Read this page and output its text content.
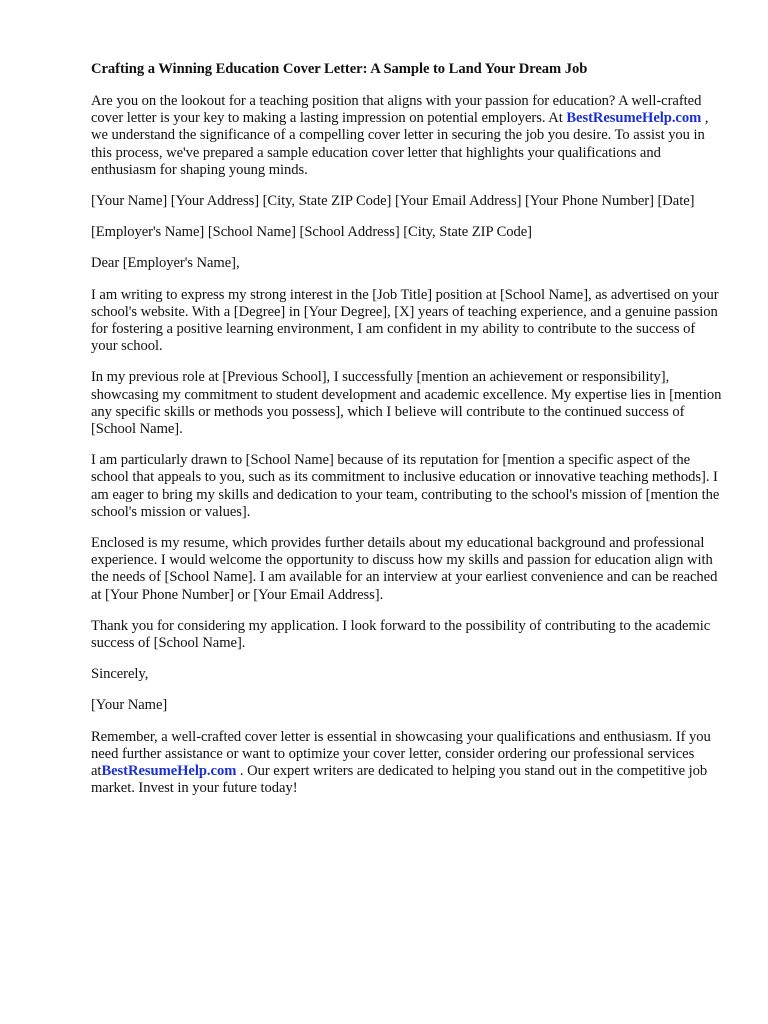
Crafting a Winning Education Cover Letter: A Sample to Land Your Dream Job

Are you on the lookout for a teaching position that aligns with your passion for education? A well-crafted cover letter is your key to making a lasting impression on potential employers. At BestResumeHelp.com , we understand the significance of a compelling cover letter in securing the job you desire. To assist you in this process, we've prepared a sample education cover letter that highlights your qualifications and enthusiasm for shaping young minds.

[Your Name] [Your Address] [City, State ZIP Code] [Your Email Address] [Your Phone Number] [Date]

[Employer's Name] [School Name] [School Address] [City, State ZIP Code]

Dear [Employer's Name],

I am writing to express my strong interest in the [Job Title] position at [School Name], as advertised on your school's website. With a [Degree] in [Your Degree], [X] years of teaching experience, and a genuine passion for fostering a positive learning environment, I am confident in my ability to contribute to the success of your school.

In my previous role at [Previous School], I successfully [mention an achievement or responsibility], showcasing my commitment to student development and academic excellence. My expertise lies in [mention any specific skills or methods you possess], which I believe will contribute to the continued success of [School Name].

I am particularly drawn to [School Name] because of its reputation for [mention a specific aspect of the school that appeals to you, such as its commitment to inclusive education or innovative teaching methods]. I am eager to bring my skills and dedication to your team, contributing to the school's mission of [mention the school's mission or values].

Enclosed is my resume, which provides further details about my educational background and professional experience. I would welcome the opportunity to discuss how my skills and passion for education align with the needs of [School Name]. I am available for an interview at your earliest convenience and can be reached at [Your Phone Number] or [Your Email Address].

Thank you for considering my application. I look forward to the possibility of contributing to the academic success of [School Name].

Sincerely,

[Your Name]

Remember, a well-crafted cover letter is essential in showcasing your qualifications and enthusiasm. If you need further assistance or want to optimize your cover letter, consider ordering our professional services atBestResumeHelp.com . Our expert writers are dedicated to helping you stand out in the competitive job market. Invest in your future today!
